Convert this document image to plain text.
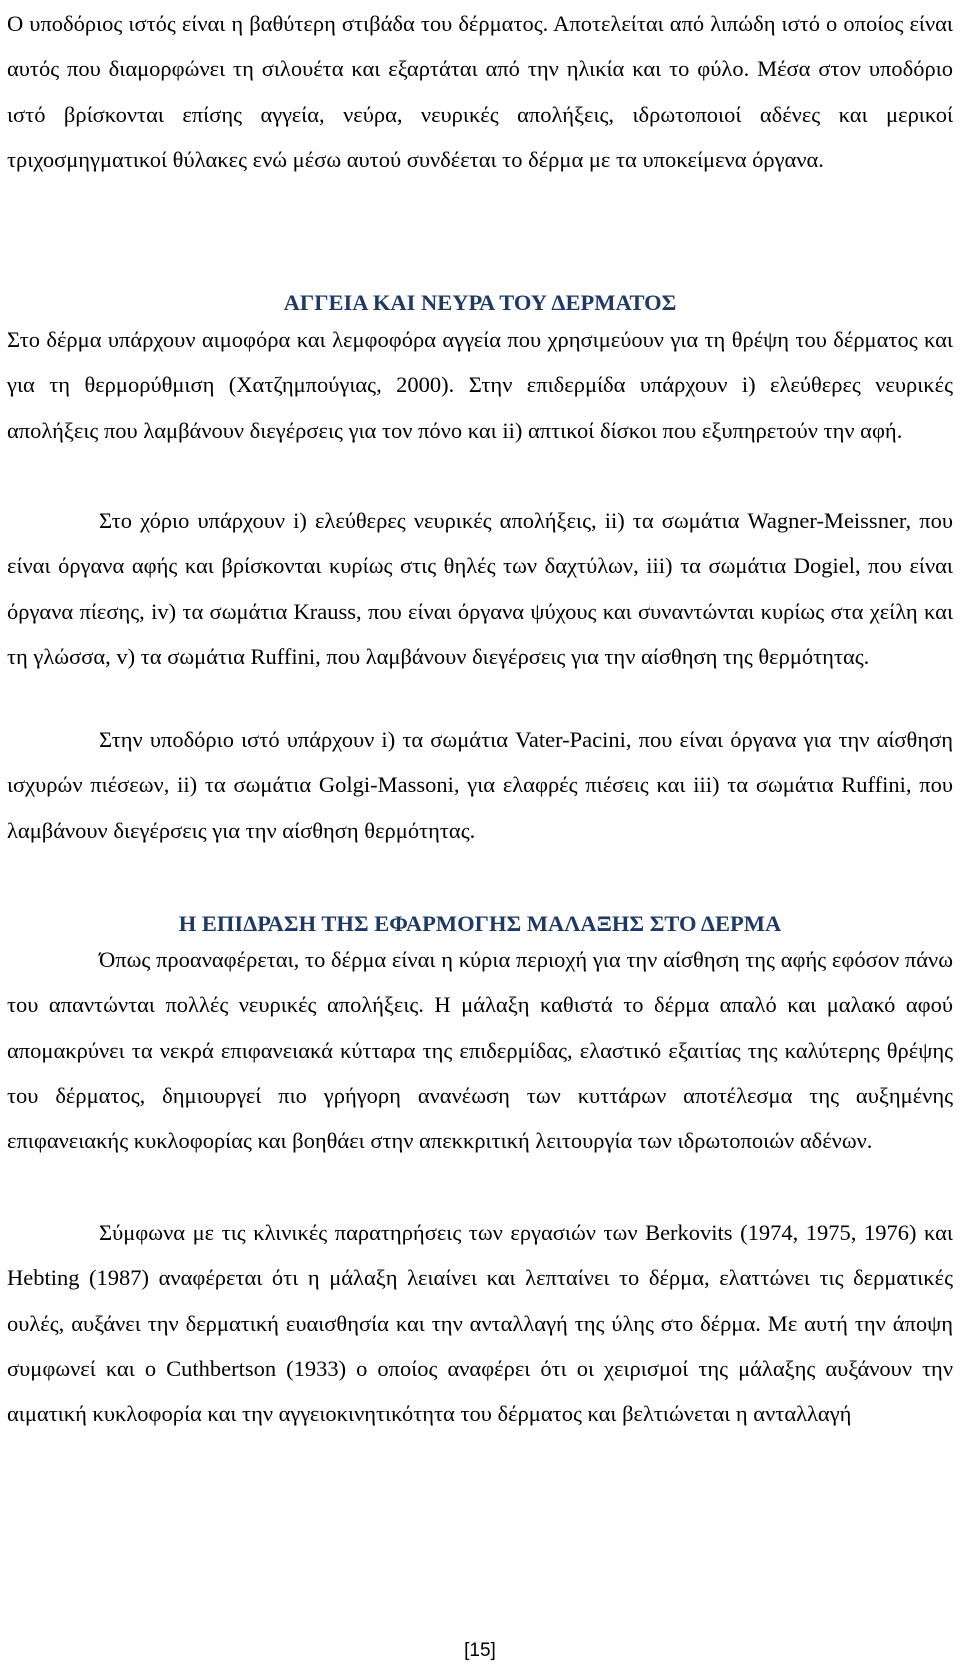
Ο υποδόριος ιστός είναι η βαθύτερη στιβάδα του δέρματος. Αποτελείται από λιπώδη ιστό ο οποίος είναι αυτός που διαμορφώνει τη σιλουέτα και εξαρτάται από την ηλικία και το φύλο. Μέσα στον υποδόριο ιστό βρίσκονται επίσης αγγεία, νεύρα, νευρικές απολήξεις, ιδρωτοποιοί αδένες και μερικοί τριχοσμηγματικοί θύλακες ενώ μέσω αυτού συνδέεται το δέρμα με τα υποκείμενα όργανα.

ΑΓΓΕΙΑ ΚΑΙ ΝΕΥΡΑ ΤΟΥ ΔΕΡΜΑΤΟΣ

Στο δέρμα υπάρχουν αιμοφόρα και λεμφοφόρα αγγεία που χρησιμεύουν για τη θρέψη του δέρματος και για τη θερμορύθμιση (Χατζημπούγιας, 2000). Στην επιδερμίδα υπάρχουν i) ελεύθερες νευρικές απολήξεις που λαμβάνουν διεγέρσεις για τον πόνο και ii) απτικοί δίσκοι που εξυπηρετούν την αφή.

Στο χόριο υπάρχουν i) ελεύθερες νευρικές απολήξεις, ii) τα σωμάτια Wagner-Meissner, που είναι όργανα αφής και βρίσκονται κυρίως στις θηλές των δαχτύλων, iii) τα σωμάτια Dogiel, που είναι όργανα πίεσης, iv) τα σωμάτια Krauss, που είναι όργανα ψύχους και συναντώνται κυρίως στα χείλη και τη γλώσσα, v) τα σωμάτια Ruffini, που λαμβάνουν διεγέρσεις για την αίσθηση της θερμότητας.

Στην υποδόριο ιστό υπάρχουν i) τα σωμάτια Vater-Pacini, που είναι όργανα για την αίσθηση ισχυρών πιέσεων, ii) τα σωμάτια Golgi-Massoni, για ελαφρές πιέσεις και iii) τα σωμάτια Ruffini, που λαμβάνουν διεγέρσεις για την αίσθηση θερμότητας.

Η ΕΠΙΔΡΑΣΗ ΤΗΣ ΕΦΑΡΜΟΓΗΣ ΜΑΛΑΞΗΣ ΣΤΟ ΔΕΡΜΑ

Όπως προαναφέρεται, το δέρμα είναι η κύρια περιοχή για την αίσθηση της αφής εφόσον πάνω του απαντώνται πολλές νευρικές απολήξεις. Η μάλαξη καθιστά το δέρμα απαλό και μαλακό αφού απομακρύνει τα νεκρά επιφανειακά κύτταρα της επιδερμίδας, ελαστικό εξαιτίας της καλύτερης θρέψης του δέρματος, δημιουργεί πιο γρήγορη ανανέωση των κυττάρων αποτέλεσμα της αυξημένης επιφανειακής κυκλοφορίας και βοηθάει στην απεκκριτική λειτουργία των ιδρωτοποιών αδένων.

Σύμφωνα με τις κλινικές παρατηρήσεις των εργασιών των Berkovits (1974, 1975, 1976) και Hebting (1987) αναφέρεται ότι η μάλαξη λειαίνει και λεπταίνει το δέρμα, ελαττώνει τις δερματικές ουλές, αυξάνει την δερματική ευαισθησία και την ανταλλαγή της ύλης στο δέρμα. Με αυτή την άποψη συμφωνεί και ο Cuthbertson (1933) ο οποίος αναφέρει ότι οι χειρισμοί της μάλαξης αυξάνουν την αιματική κυκλοφορία και την αγγειοκινητικότητα του δέρματος και βελτιώνεται η ανταλλαγή

[15]
